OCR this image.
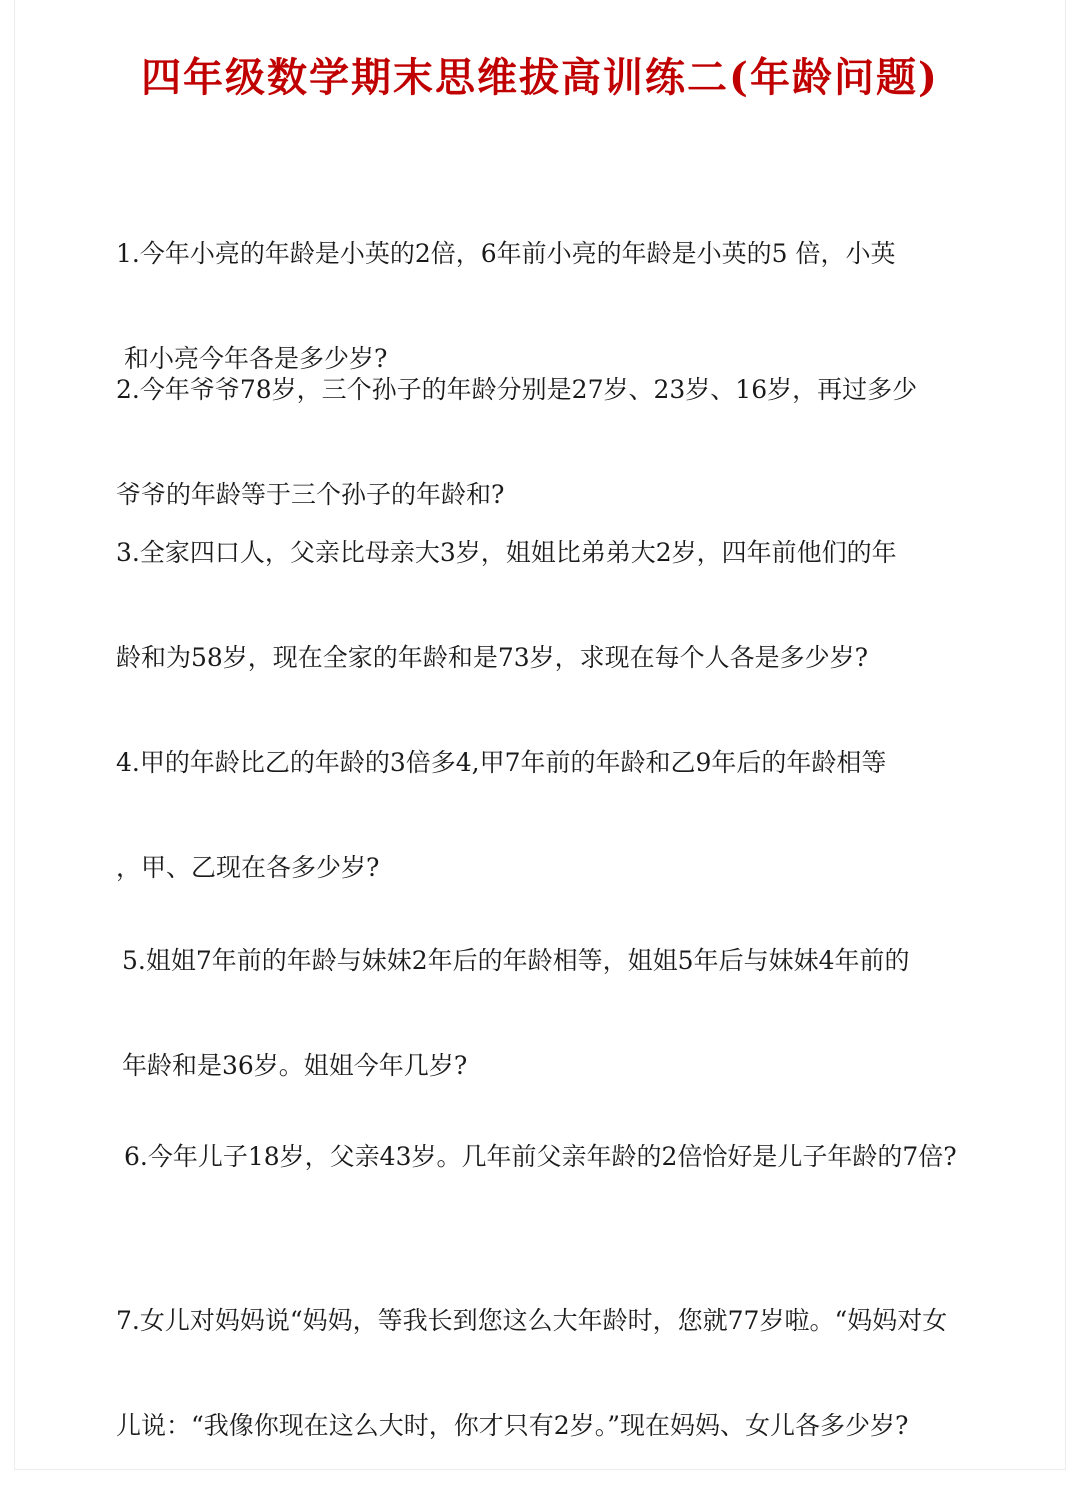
四年级数学期末思维拔高训练二(年龄问题)

1.今年小亮的年龄是小英的2倍，6年前小亮的年龄是小英的5 倍，小英

和小亮今年各是多少岁?

2.今年爷爷78岁，三个孙子的年龄分别是27岁、23岁、16岁，再过多少

爷爷的年龄等于三个孙子的年龄和?

3.全家四口人，父亲比母亲大3岁，姐姐比弟弟大2岁，四年前他们的年

龄和为58岁，现在全家的年龄和是73岁，求现在每个人各是多少岁?

4.甲的年龄比乙的年龄的3倍多4,甲7年前的年龄和乙9年后的年龄相等

，甲、乙现在各多少岁?

5.姐姐7年前的年龄与妹妹2年后的年龄相等，姐姐5年后与妹妹4年前的

年龄和是36岁。姐姐今年几岁?

6.今年儿子18岁，父亲43岁。几年前父亲年龄的2倍恰好是儿子年龄的7倍?

7.女儿对妈妈说“妈妈，等我长到您这么大年龄时，您就77岁啦。“妈妈对女

儿说：“我像你现在这么大时，你才只有2岁。”现在妈妈、女儿各多少岁?
